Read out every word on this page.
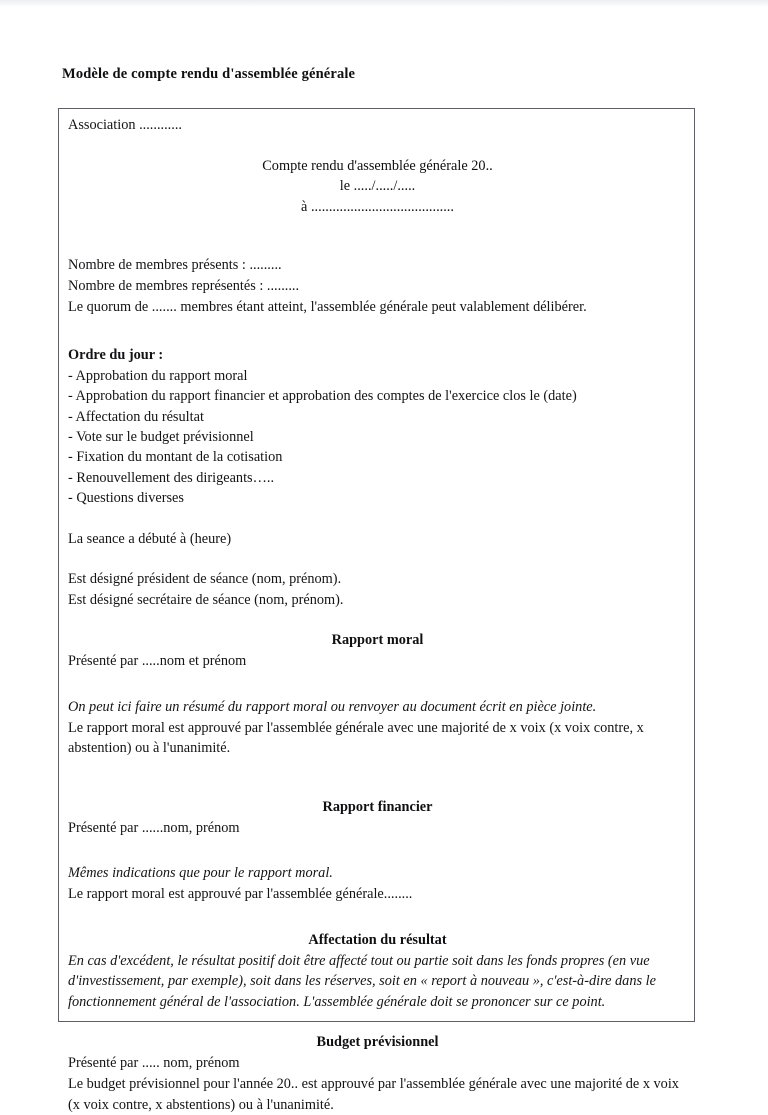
Modèle de compte rendu d'assemblée générale
Association ............
Compte rendu d'assemblée générale 20..
le ...../...../.....
à ........................................
Nombre de membres présents : .........
Nombre de membres représentés : .........
Le quorum de ....... membres étant atteint, l'assemblée générale peut valablement délibérer.
Ordre du jour :
- Approbation du rapport moral
- Approbation du rapport financier et approbation des comptes de l'exercice clos le (date)
- Affectation du résultat
- Vote sur le budget prévisionnel
- Fixation du montant de la cotisation
- Renouvellement des dirigeants…..
- Questions diverses
La seance a débuté à (heure)
Est désigné président de séance (nom, prénom).
Est désigné secrétaire de séance (nom, prénom).
Rapport moral
Présenté par .....nom et prénom
On peut ici faire un résumé du rapport moral ou renvoyer au document écrit en pièce jointe.
Le rapport moral est approuvé par l'assemblée générale avec une majorité de x voix (x voix contre, x abstention) ou à l'unanimité.
Rapport financier
Présenté par ......nom, prénom
Mêmes indications que pour le rapport moral.
Le rapport moral est approuvé par l'assemblée générale........
Affectation du résultat
En cas d'excédent, le résultat positif doit être affecté tout ou partie soit dans les fonds propres (en vue d'investissement, par exemple), soit dans les réserves, soit en « report à nouveau », c'est-à-dire dans le fonctionnement général de l'association. L'assemblée générale doit se prononcer sur ce point.
Budget prévisionnel
Présenté par ..... nom, prénom
Le budget prévisionnel pour l'année 20.. est approuvé par l'assemblée générale avec une majorité de x voix (x voix contre, x abstentions) ou à l'unanimité.
